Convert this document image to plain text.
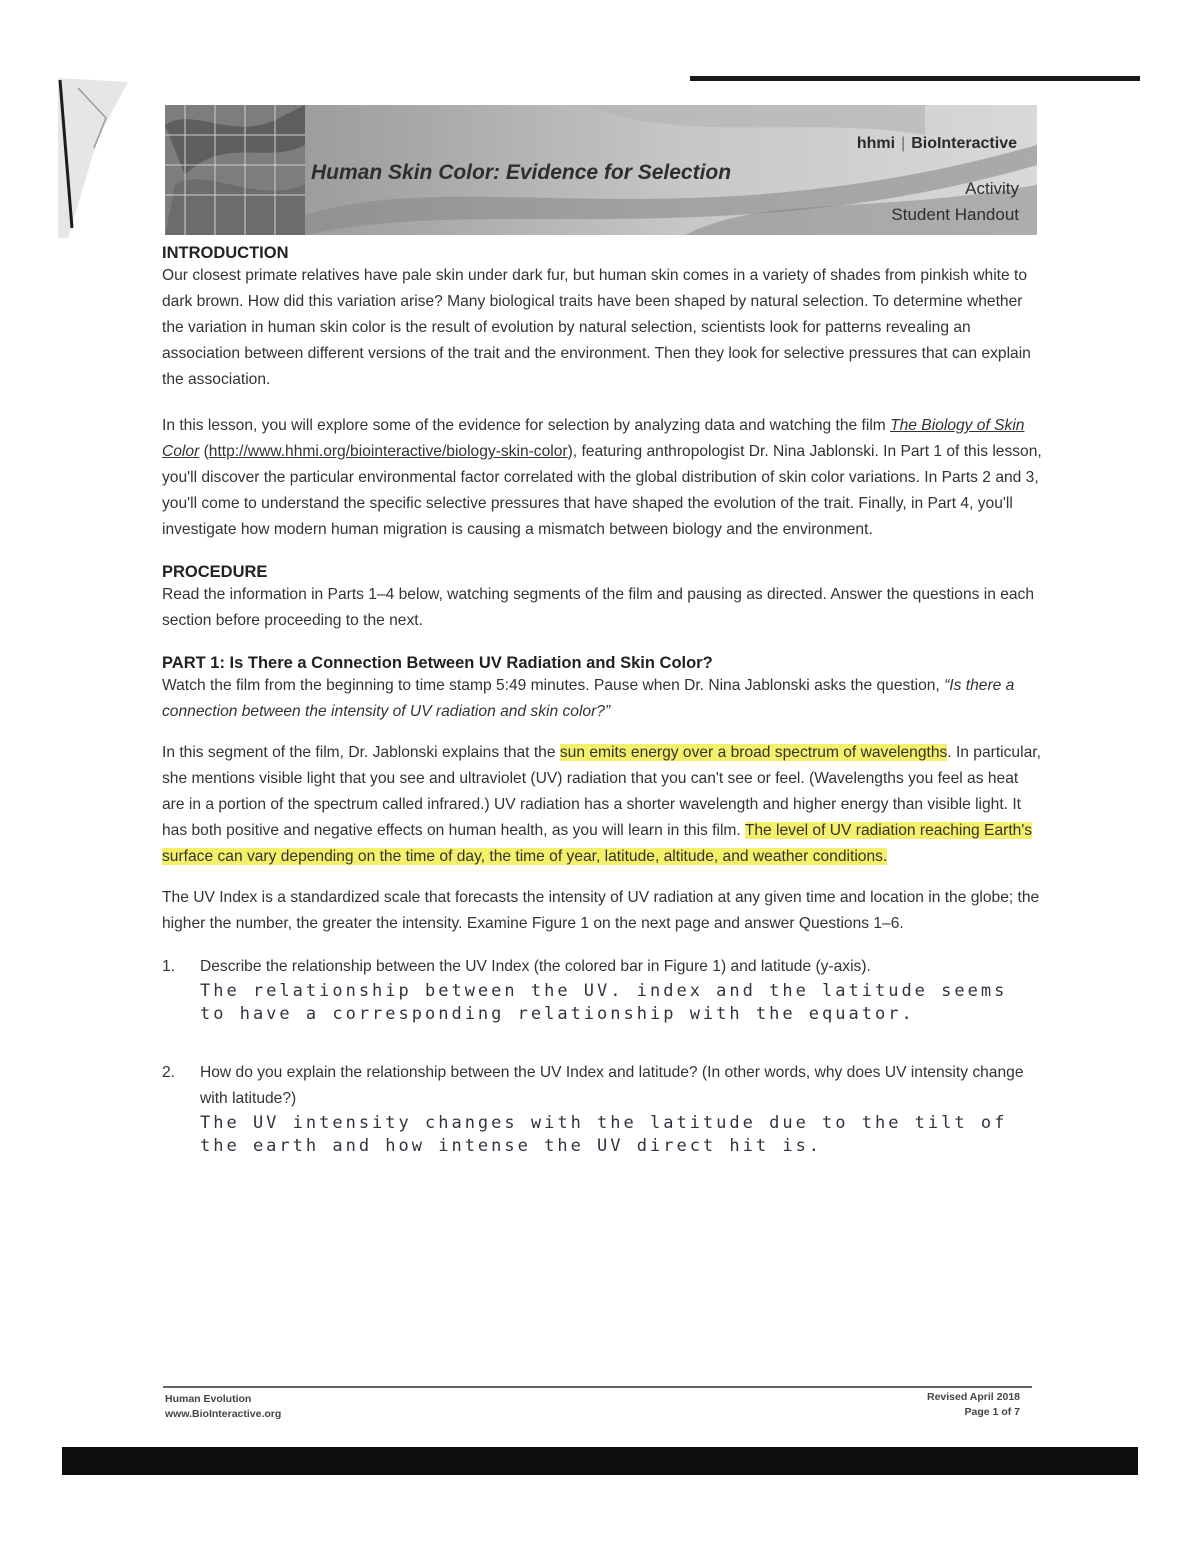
hhmi | BioInteractive
Human Skin Color: Evidence for Selection
Activity
Student Handout
INTRODUCTION

Our closest primate relatives have pale skin under dark fur, but human skin comes in a variety of shades from pinkish white to dark brown. How did this variation arise? Many biological traits have been shaped by natural selection. To determine whether the variation in human skin color is the result of evolution by natural selection, scientists look for patterns revealing an association between different versions of the trait and the environment. Then they look for selective pressures that can explain the association.

In this lesson, you will explore some of the evidence for selection by analyzing data and watching the film The Biology of Skin Color (http://www.hhmi.org/biointeractive/biology-skin-color), featuring anthropologist Dr. Nina Jablonski. In Part 1 of this lesson, you'll discover the particular environmental factor correlated with the global distribution of skin color variations. In Parts 2 and 3, you'll come to understand the specific selective pressures that have shaped the evolution of the trait. Finally, in Part 4, you'll investigate how modern human migration is causing a mismatch between biology and the environment.

PROCEDURE

Read the information in Parts 1–4 below, watching segments of the film and pausing as directed. Answer the questions in each section before proceeding to the next.

PART 1: Is There a Connection Between UV Radiation and Skin Color?

Watch the film from the beginning to time stamp 5:49 minutes. Pause when Dr. Nina Jablonski asks the question, “Is there a connection between the intensity of UV radiation and skin color?”

In this segment of the film, Dr. Jablonski explains that the sun emits energy over a broad spectrum of wavelengths. In particular, she mentions visible light that you see and ultraviolet (UV) radiation that you can't see or feel. (Wavelengths you feel as heat are in a portion of the spectrum called infrared.) UV radiation has a shorter wavelength and higher energy than visible light. It has both positive and negative effects on human health, as you will learn in this film. The level of UV radiation reaching Earth's surface can vary depending on the time of day, the time of year, latitude, altitude, and weather conditions.

The UV Index is a standardized scale that forecasts the intensity of UV radiation at any given time and location in the globe; the higher the number, the greater the intensity. Examine Figure 1 on the next page and answer Questions 1–6.

1.	Describe the relationship between the UV Index (the colored bar in Figure 1) and latitude (y-axis).
The relationship between the UV. index and the latitude seems to have a corresponding relationship with the equator.
2.	How do you explain the relationship between the UV Index and latitude? (In other words, why does UV intensity change with latitude?)
The UV intensity changes with the latitude due to the tilt of the earth and how intense the UV direct hit is.
Human Evolution
www.BioInteractive.org
Revised April 2018
Page 1 of 7
